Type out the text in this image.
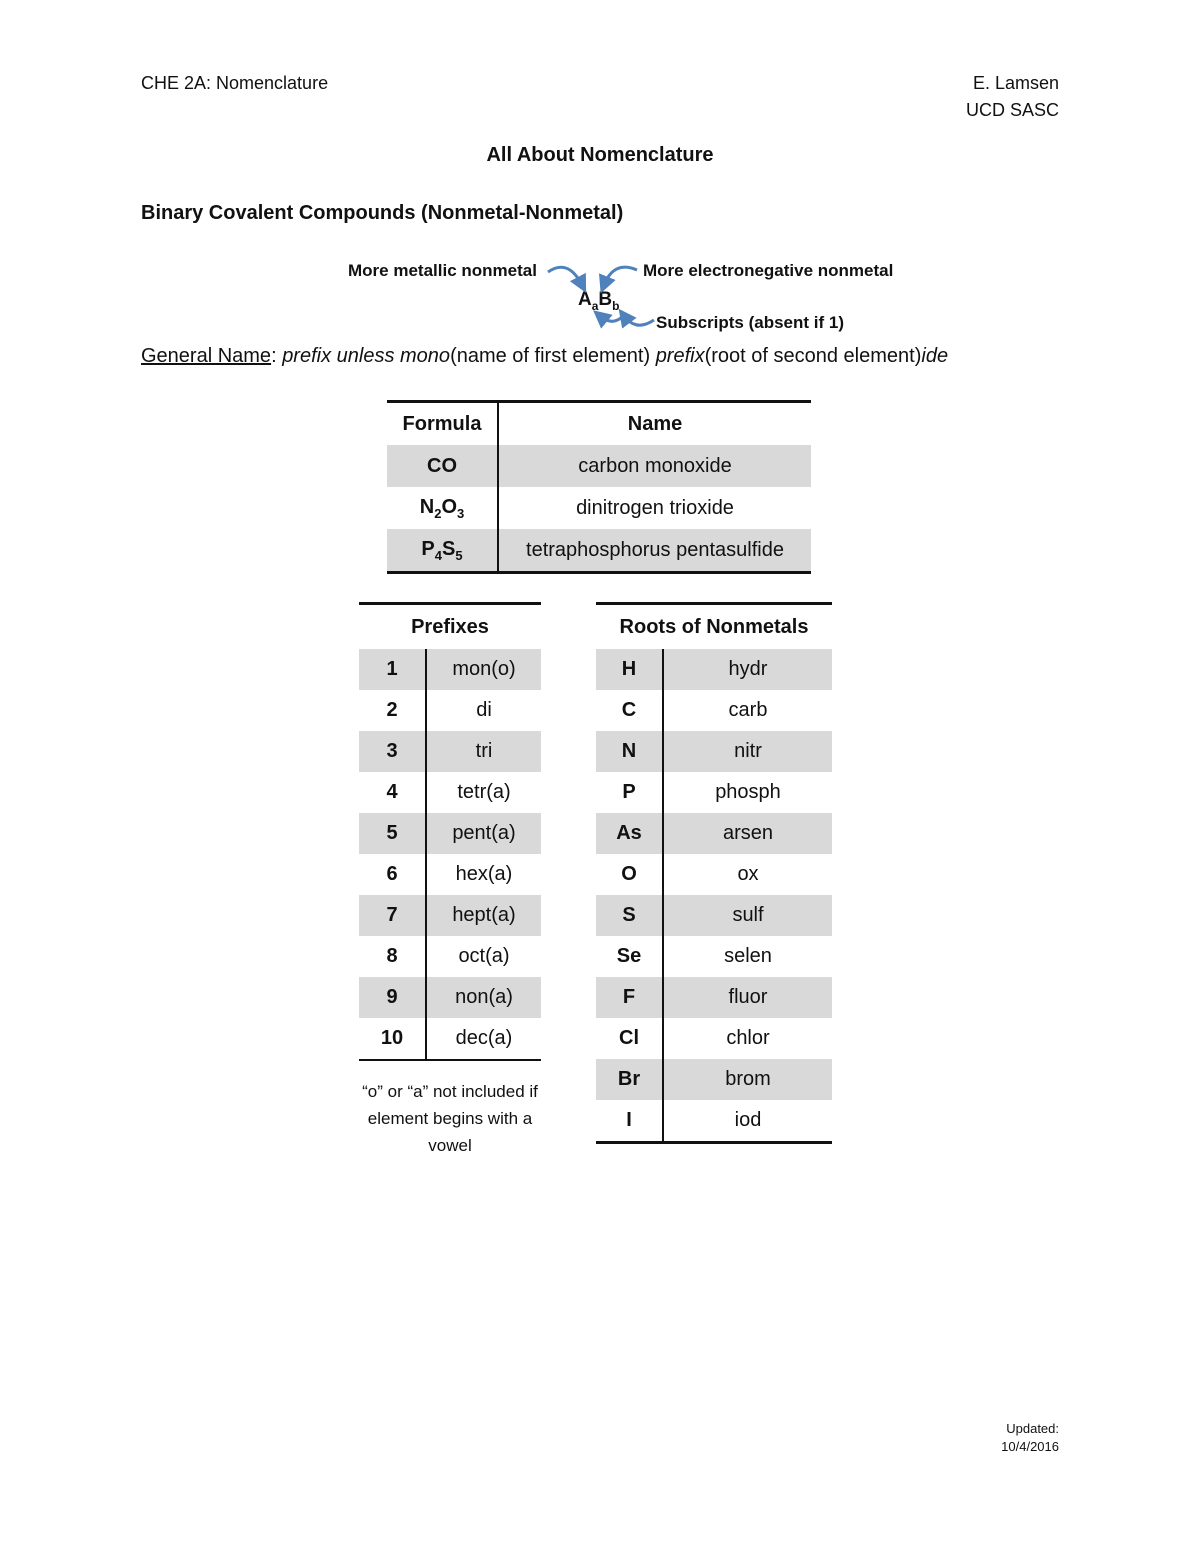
CHE 2A: Nomenclature	E. Lamsen
UCD SASC
All About Nomenclature
Binary Covalent Compounds (Nonmetal-Nonmetal)
More metallic nonmetal	More electronegative nonmetal
Subscripts (absent if 1)
$A_aB_b$
General Name: prefix unless mono(name of first element) prefix(root of second element)ide
Formula	Name
CO	carbon monoxide
$N_2O_3$	dinitrogen trioxide
$P_4S_5$	tetraphosphorus pentasulfide
Prefixes	
1	mon(o)
2	di
3	tri
4	tetr(a)
5	pent(a)
6	hex(a)
7	hept(a)
8	oct(a)
9	non(a)
10	dec(a)
“o” or “a” not included if element begins with a vowel
Roots of Nonmetals	
H	hydr
C	carb
N	nitr
P	phosph
As	arsen
O	ox
S	sulf
Se	selen
F	fluor
Cl	chlor
Br	brom
I	iod
Updated:
10/4/2016
